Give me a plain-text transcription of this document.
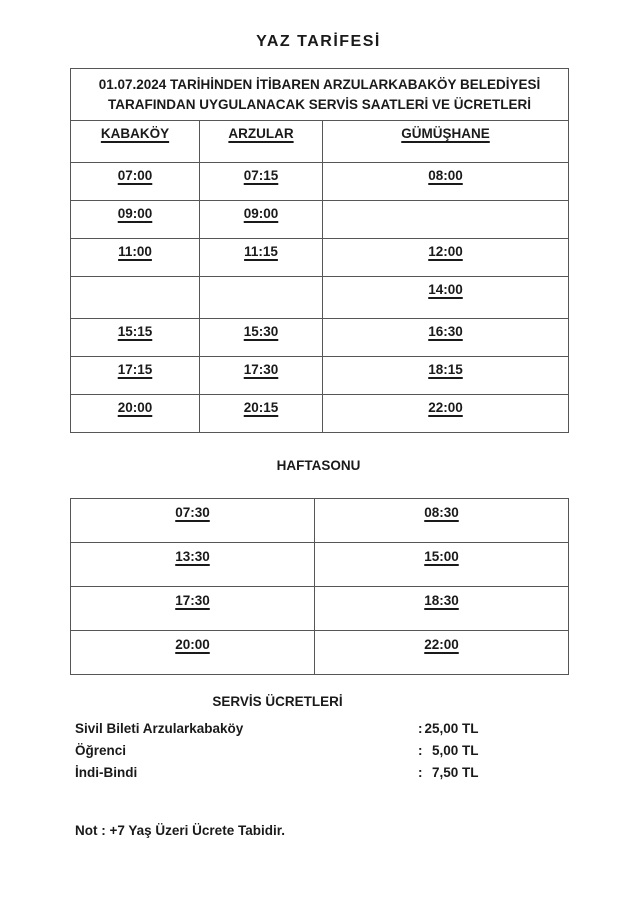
YAZ TARİFESİ
01.07.2024 TARİHİNDEN İTİBAREN ARZULARKABAKÖY BELEDİYESİ TARAFINDAN UYGULANACAK SERVİS SAATLERİ VE ÜCRETLERİ		
KABAKÖY	ARZULAR	GÜMÜŞHANE
07:00	07:15	08:00
09:00	09:00	
11:00	11:15	12:00
		14:00
15:15	15:30	16:30
17:15	17:30	18:15
20:00	20:15	22:00
HAFTASONU
07:30	08:30
13:30	15:00
17:30	18:30
20:00	22:00
SERVİS ÜCRETLERİ
Sivil Bileti Arzularkabaköy	: 25,00 TL
Öğrenci	: 5,00 TL
İndi-Bindi	: 7,50 TL
Not : +7 Yaş Üzeri Ücrete Tabidir.
